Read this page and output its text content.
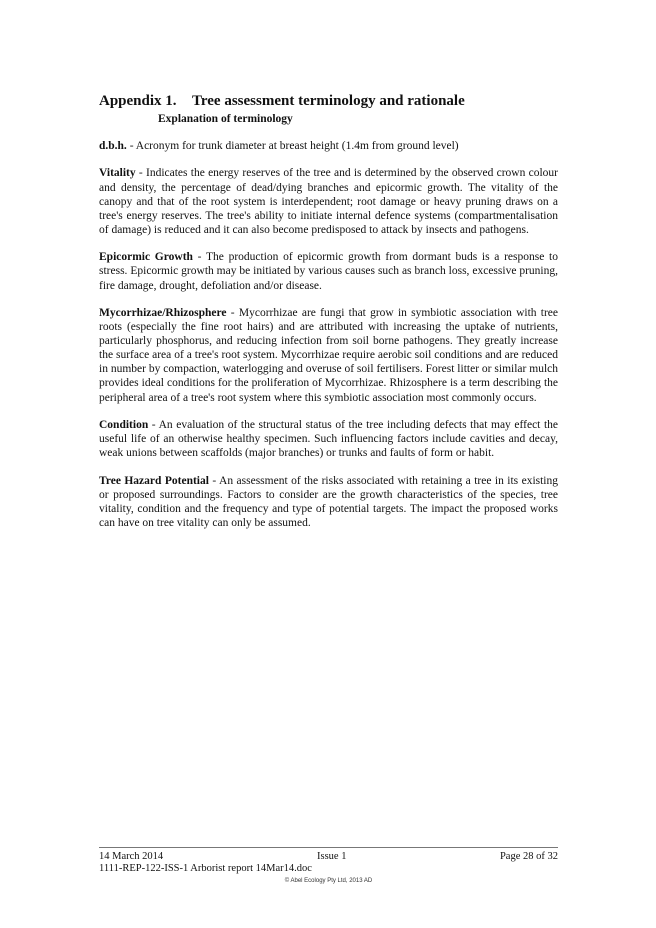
Appendix 1. Tree assessment terminology and rationale
Explanation of terminology

d.b.h. - Acronym for trunk diameter at breast height (1.4m from ground level)

Vitality - Indicates the energy reserves of the tree and is determined by the observed crown colour and density, the percentage of dead/dying branches and epicormic growth. The vitality of the canopy and that of the root system is interdependent; root damage or heavy pruning draws on a tree's energy reserves. The tree's ability to initiate internal defence systems (compartmentalisation of damage) is reduced and it can also become predisposed to attack by insects and pathogens.

Epicormic Growth - The production of epicormic growth from dormant buds is a response to stress. Epicormic growth may be initiated by various causes such as branch loss, excessive pruning, fire damage, drought, defoliation and/or disease.

Mycorrhizae/Rhizosphere - Mycorrhizae are fungi that grow in symbiotic association with tree roots (especially the fine root hairs) and are attributed with increasing the uptake of nutrients, particularly phosphorus, and reducing infection from soil borne pathogens. They greatly increase the surface area of a tree's root system. Mycorrhizae require aerobic soil conditions and are reduced in number by compaction, waterlogging and overuse of soil fertilisers. Forest litter or similar mulch provides ideal conditions for the proliferation of Mycorrhizae. Rhizosphere is a term describing the peripheral area of a tree's root system where this symbiotic association most commonly occurs.

Condition - An evaluation of the structural status of the tree including defects that may effect the useful life of an otherwise healthy specimen. Such influencing factors include cavities and decay, weak unions between scaffolds (major branches) or trunks and faults of form or habit.

Tree Hazard Potential - An assessment of the risks associated with retaining a tree in its existing or proposed surroundings. Factors to consider are the growth characteristics of the species, tree vitality, condition and the frequency and type of potential targets. The impact the proposed works can have on tree vitality can only be assumed.

14 March 2014	Issue 1	Page 28 of 32
1111-REP-122-ISS-1 Arborist report 14Mar14.doc
© Abel Ecology Pty Ltd, 2013 AD
